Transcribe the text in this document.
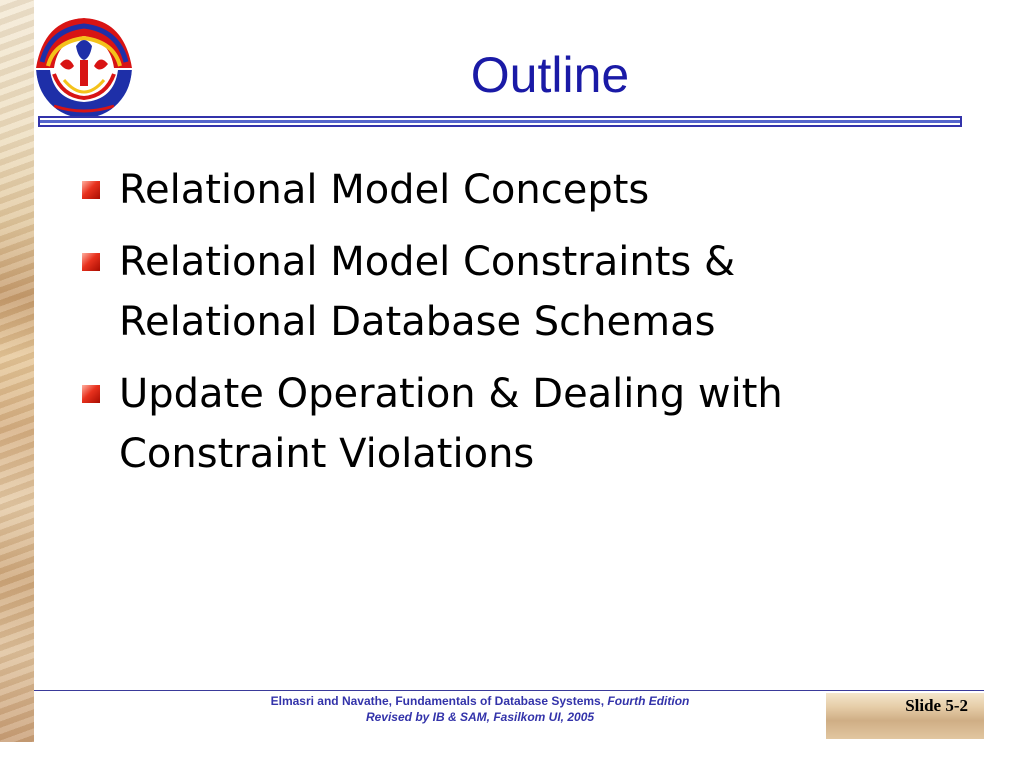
Outline
Relational Model Concepts
Relational Model Constraints & Relational Database Schemas
Update Operation & Dealing with Constraint Violations
Elmasri and Navathe, Fundamentals of Database Systems, Fourth Edition
Revised by IB & SAM, Fasilkom UI, 2005
Slide 5-2
